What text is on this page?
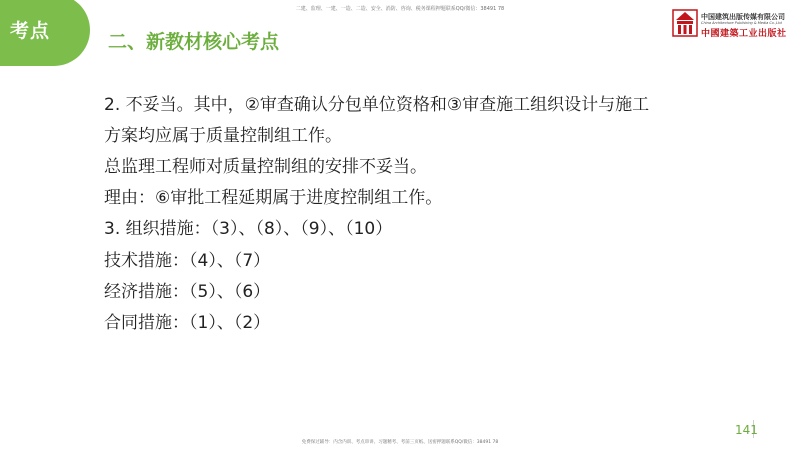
二建、监理、一建、一造、二造、安全、消防、咨询、税务课程押题联系QQ/微信：38491 78
考点	二、新教材核心考点
中国建筑出版传媒有限公司
China Architecture Publishing & Media Co.,Ltd
中國建築工业出版社
2. 不妥当。其中，②审查确认分包单位资格和③审查施工组织设计与施工
方案均应属于质量控制组工作。
总监理工程师对质量控制组的安排不妥当。
理由：⑥审批工程延期属于进度控制组工作。
3. 组织措施：（3）、（8）、（9）、（10）
技术措施：（4）、（7）
经济措施：（5）、（6）
合同措施：（1）、（2）
141
免费保过辅导：内含内训、考点串讲、习题精考、考前三页纸、送密押题联系QQ/微信：38491 78
